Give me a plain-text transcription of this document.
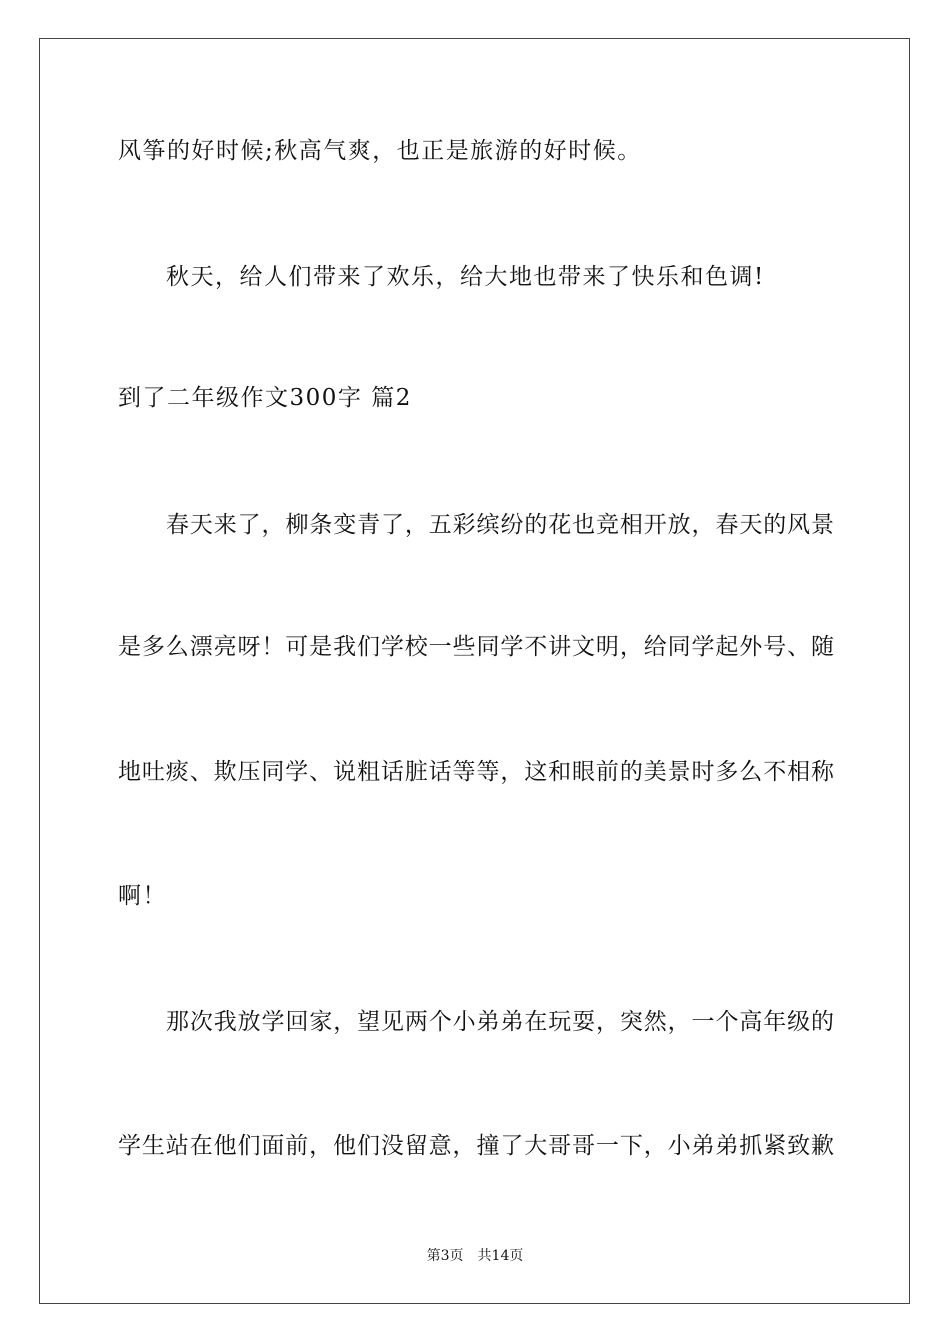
风筝的好时候;秋高气爽，也正是旅游的好时候。
秋天，给人们带来了欢乐，给大地也带来了快乐和色调!
到了二年级作文300字 篇2
春天来了，柳条变青了，五彩缤纷的花也竞相开放，春天的风景
是多么漂亮呀！可是我们学校一些同学不讲文明，给同学起外号、随
地吐痰、欺压同学、说粗话脏话等等，这和眼前的美景时多么不相称
啊！
那次我放学回家，望见两个小弟弟在玩耍，突然，一个高年级的
学生站在他们面前，他们没留意，撞了大哥哥一下，小弟弟抓紧致歉
第3页 共14页
